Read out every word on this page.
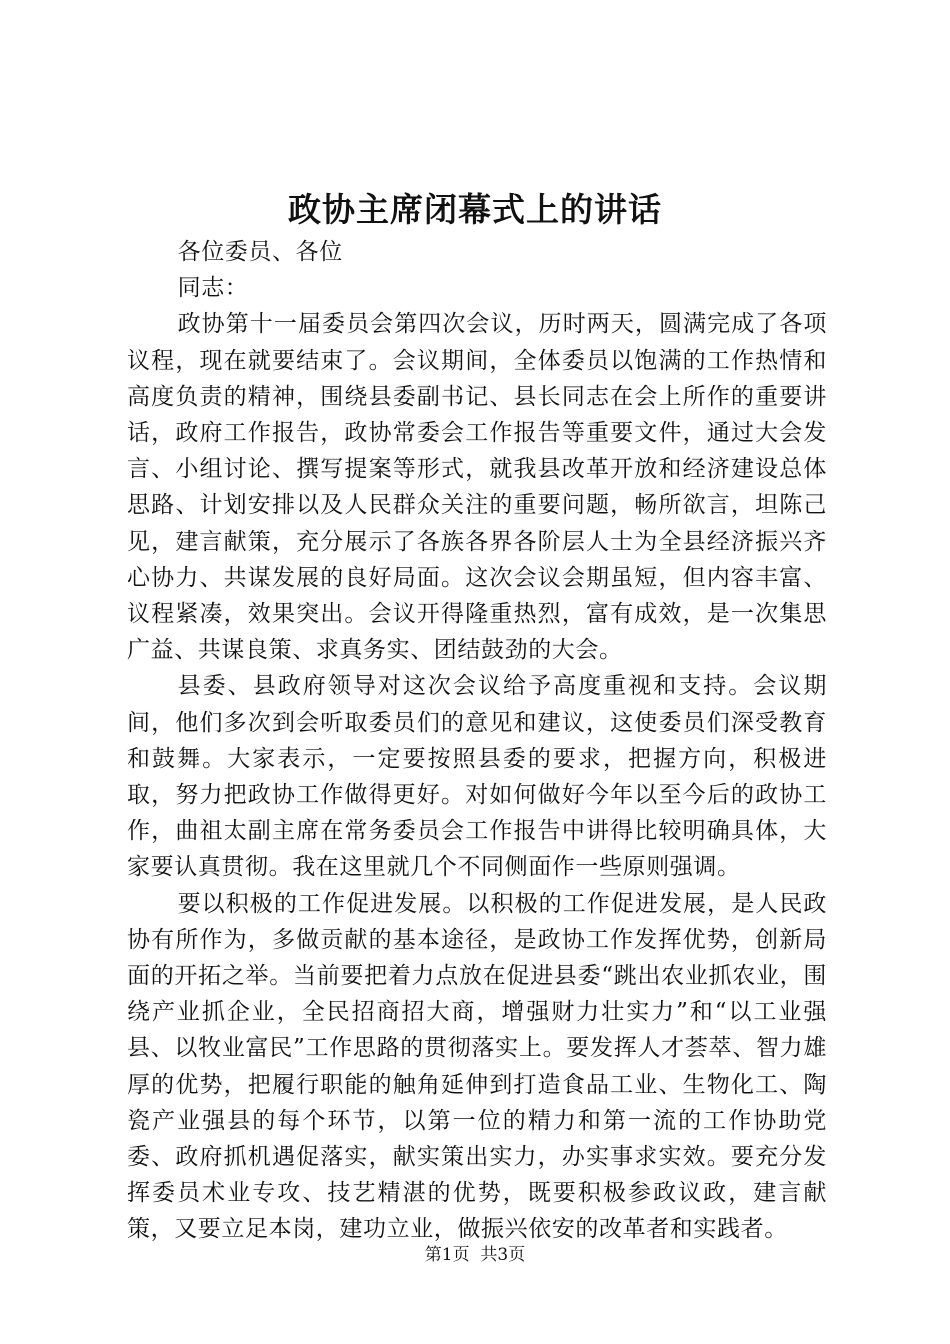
政协主席闭幕式上的讲话

各位委员、各位

同志：

政协第十一届委员会第四次会议，历时两天，圆满完成了各项议程，现在就要结束了。会议期间，全体委员以饱满的工作热情和高度负责的精神，围绕县委副书记、县长同志在会上所作的重要讲话，政府工作报告，政协常委会工作报告等重要文件，通过大会发言、小组讨论、撰写提案等形式，就我县改革开放和经济建设总体思路、计划安排以及人民群众关注的重要问题，畅所欲言，坦陈己见，建言献策，充分展示了各族各界各阶层人士为全县经济振兴齐心协力、共谋发展的良好局面。这次会议会期虽短，但内容丰富、议程紧凑，效果突出。会议开得隆重热烈，富有成效，是一次集思广益、共谋良策、求真务实、团结鼓劲的大会。

县委、县政府领导对这次会议给予高度重视和支持。会议期间，他们多次到会听取委员们的意见和建议，这使委员们深受教育和鼓舞。大家表示，一定要按照县委的要求，把握方向，积极进取，努力把政协工作做得更好。对如何做好今年以至今后的政协工作，曲祖太副主席在常务委员会工作报告中讲得比较明确具体，大家要认真贯彻。我在这里就几个不同侧面作一些原则强调。

要以积极的工作促进发展。以积极的工作促进发展，是人民政协有所作为，多做贡献的基本途径，是政协工作发挥优势，创新局面的开拓之举。当前要把着力点放在促进县委“跳出农业抓农业，围绕产业抓企业，全民招商招大商，增强财力壮实力”和“以工业强县、以牧业富民”工作思路的贯彻落实上。要发挥人才荟萃、智力雄厚的优势，把履行职能的触角延伸到打造食品工业、生物化工、陶瓷产业强县的每个环节，以第一位的精力和第一流的工作协助党委、政府抓机遇促落实，献实策出实力，办实事求实效。要充分发挥委员术业专攻、技艺精湛的优势，既要积极参政议政，建言献策，又要立足本岗，建功立业，做振兴依安的改革者和实践者。

第1页  共3页
